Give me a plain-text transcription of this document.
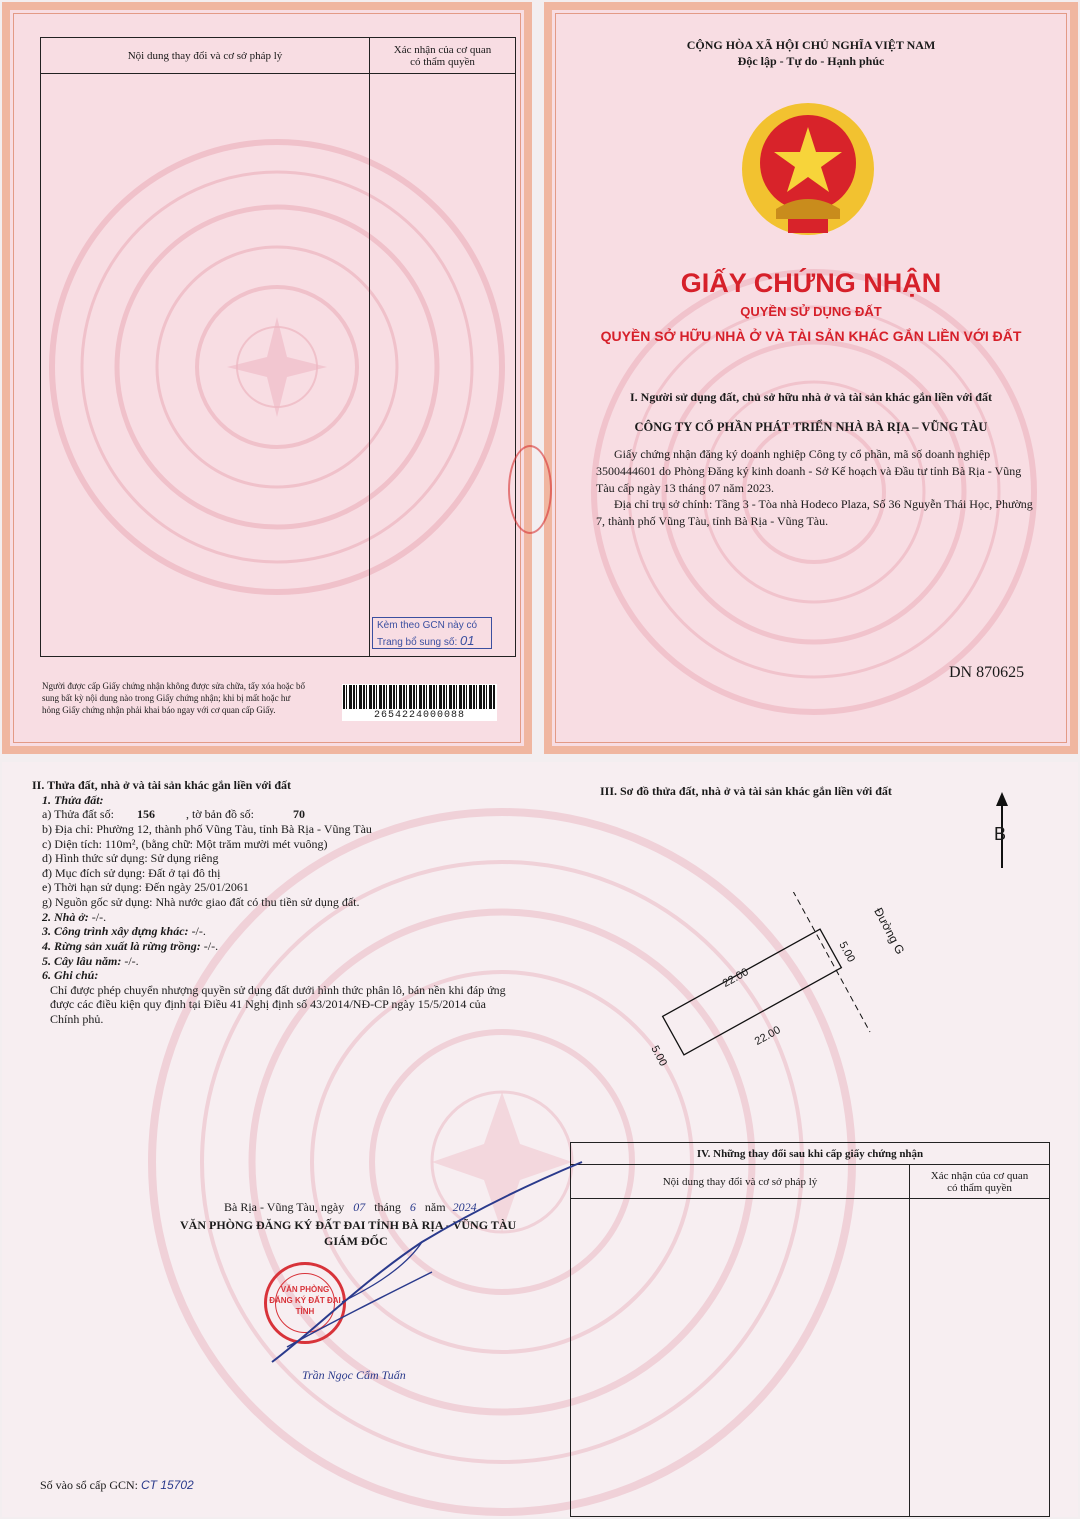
Nội dung thay đổi và cơ sở pháp lý	Xác nhận của cơ quan
có thẩm quyền

Kèm theo GCN này có
Trang bổ sung số: 01
Người được cấp Giấy chứng nhận không được sửa chữa, tẩy xóa hoặc bổ
sung bất kỳ nội dung nào trong Giấy chứng nhận; khi bị mất hoặc hư
hỏng Giấy chứng nhận phải khai báo ngay với cơ quan cấp Giấy.	2654224000088
CỘNG HÒA XÃ HỘI CHỦ NGHĨA VIỆT NAM
Độc lập - Tự do - Hạnh phúc
GIẤY CHỨNG NHẬN
QUYỀN SỬ DỤNG ĐẤT
QUYỀN SỞ HỮU NHÀ Ở VÀ TÀI SẢN KHÁC GẮN LIỀN VỚI ĐẤT
I. Người sử dụng đất, chủ sở hữu nhà ở và tài sản khác gắn liền với đất
CÔNG TY CỔ PHẦN PHÁT TRIỂN NHÀ BÀ RỊA – VŨNG TÀU
Giấy chứng nhận đăng ký doanh nghiệp Công ty cổ phần, mã số doanh nghiệp 3500444601 do Phòng Đăng ký kinh doanh - Sở Kế hoạch và Đầu tư tỉnh Bà Rịa - Vũng Tàu cấp ngày 13 tháng 07 năm 2023.
Địa chỉ trụ sở chính: Tầng 3 - Tòa nhà Hodeco Plaza, Số 36 Nguyễn Thái Học, Phường 7, thành phố Vũng Tàu, tỉnh Bà Rịa - Vũng Tàu.
DN 870625
II. Thửa đất, nhà ở và tài sản khác gắn liền với đất
1. Thửa đất:
a) Thửa đất số: 156	, tờ bản đồ số:	70
b) Địa chỉ: Phường 12, thành phố Vũng Tàu, tỉnh Bà Rịa - Vũng Tàu
c) Diện tích: 110m², (bằng chữ: Một trăm mười mét vuông)
d) Hình thức sử dụng: Sử dụng riêng
đ) Mục đích sử dụng: Đất ở tại đô thị
e) Thời hạn sử dụng: Đến ngày 25/01/2061
g) Nguồn gốc sử dụng: Nhà nước giao đất có thu tiền sử dụng đất.
2. Nhà ở: -/-.
3. Công trình xây dựng khác: -/-.
4. Rừng sản xuất là rừng trồng: -/-.
5. Cây lâu năm: -/-.
6. Ghi chú:
Chỉ được phép chuyển nhượng quyền sử dụng đất dưới hình thức phân lô, bán nền khi đáp ứng được các điều kiện quy định tại Điều 41 Nghị định số 43/2014/NĐ-CP ngày 15/5/2014 của Chính phủ.
III. Sơ đồ thửa đất, nhà ở và tài sản khác gắn liền với đất
B
Đường G
22.00
22.00
5.00
5.00
IV. Những thay đổi sau khi cấp giấy chứng nhận	
Nội dung thay đổi và cơ sở pháp lý	Xác nhận của cơ quan
có thẩm quyền

Bà Rịa - Vũng Tàu, ngày 07 tháng 6 năm 2024
VĂN PHÒNG ĐĂNG KÝ ĐẤT ĐAI TỈNH BÀ RỊA - VŨNG TÀU
GIÁM ĐỐC
VĂN PHÒNG
ĐĂNG KÝ ĐẤT ĐAI
TỈNH
Trần Ngọc Cẩm Tuấn
Số vào sổ cấp GCN: CT 15702
